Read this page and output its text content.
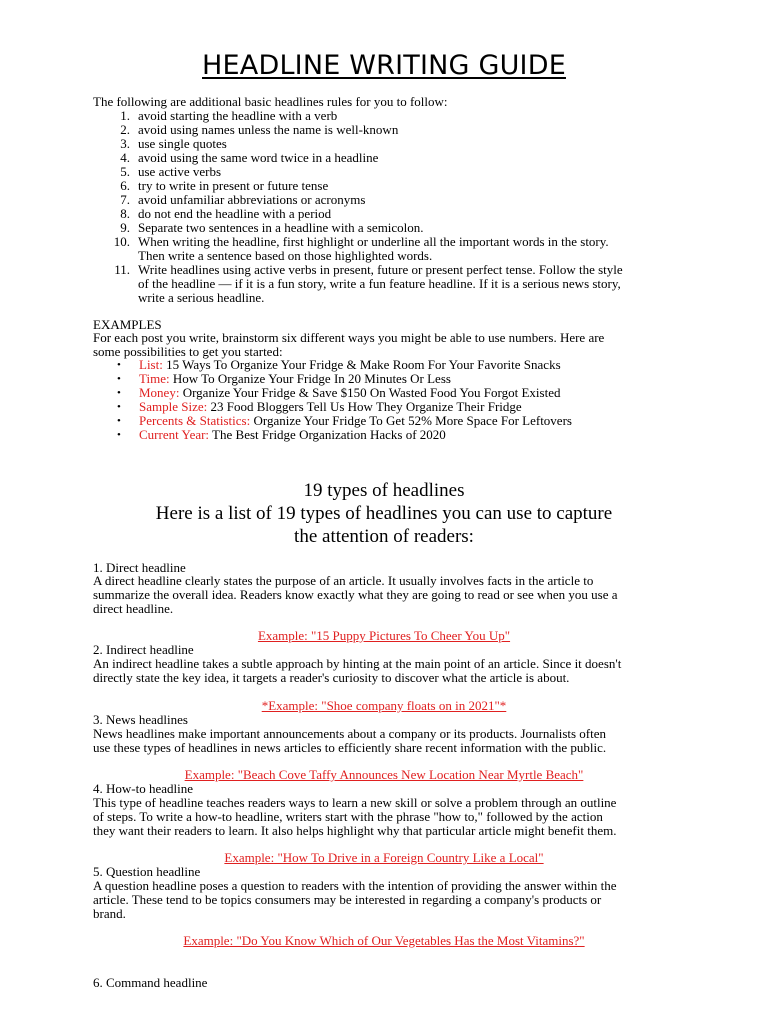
HEADLINE WRITING GUIDE
The following are additional basic headlines rules for you to follow:
1. avoid starting the headline with a verb
2. avoid using names unless the name is well-known
3. use single quotes
4. avoid using the same word twice in a headline
5. use active verbs
6. try to write in present or future tense
7. avoid unfamiliar abbreviations or acronyms
8. do not end the headline with a period
9. Separate two sentences in a headline with a semicolon.
10. When writing the headline, first highlight or underline all the important words in the story.
Then write a sentence based on those highlighted words.
11. Write headlines using active verbs in present, future or present perfect tense. Follow the style
of the headline — if it is a fun story, write a fun feature headline. If it is a serious news story,
write a serious headline.
EXAMPLES
For each post you write, brainstorm six different ways you might be able to use numbers. Here are
some possibilities to get you started:
• List: 15 Ways To Organize Your Fridge & Make Room For Your Favorite Snacks
• Time: How To Organize Your Fridge In 20 Minutes Or Less
• Money: Organize Your Fridge & Save $150 On Wasted Food You Forgot Existed
• Sample Size: 23 Food Bloggers Tell Us How They Organize Their Fridge
• Percents & Statistics: Organize Your Fridge To Get 52% More Space For Leftovers
• Current Year: The Best Fridge Organization Hacks of 2020
19 types of headlines
Here is a list of 19 types of headlines you can use to capture
the attention of readers:
1. Direct headline
A direct headline clearly states the purpose of an article. It usually involves facts in the article to
summarize the overall idea. Readers know exactly what they are going to read or see when you use a
direct headline.
Example: "15 Puppy Pictures To Cheer You Up"
2. Indirect headline
An indirect headline takes a subtle approach by hinting at the main point of an article. Since it doesn't
directly state the key idea, it targets a reader's curiosity to discover what the article is about.
*Example: "Shoe company floats on in 2021"*
3. News headlines
News headlines make important announcements about a company or its products. Journalists often
use these types of headlines in news articles to efficiently share recent information with the public.
Example: "Beach Cove Taffy Announces New Location Near Myrtle Beach"
4. How-to headline
This type of headline teaches readers ways to learn a new skill or solve a problem through an outline
of steps. To write a how-to headline, writers start with the phrase "how to," followed by the action
they want their readers to learn. It also helps highlight why that particular article might benefit them.
Example: "How To Drive in a Foreign Country Like a Local"
5. Question headline
A question headline poses a question to readers with the intention of providing the answer within the
article. These tend to be topics consumers may be interested in regarding a company's products or
brand.
Example: "Do You Know Which of Our Vegetables Has the Most Vitamins?"
6. Command headline
